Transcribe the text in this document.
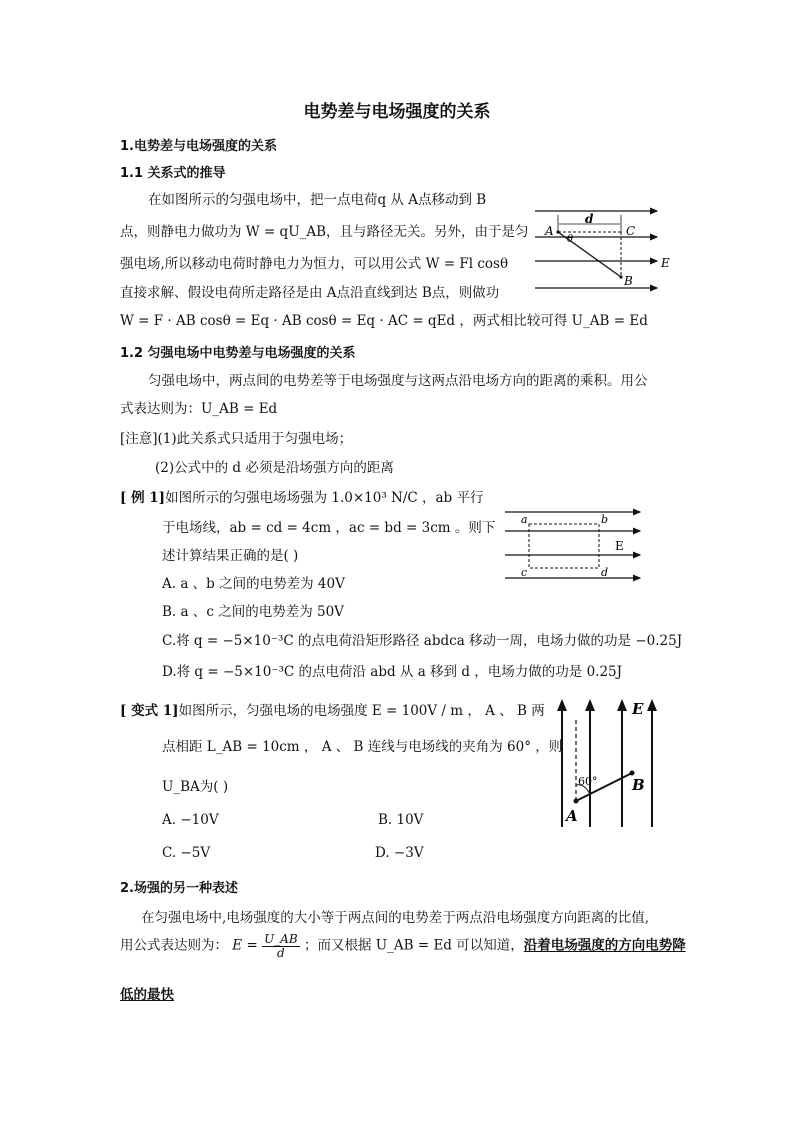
电势差与电场强度的关系
1.电势差与电场强度的关系
1.1 关系式的推导
在如图所示的匀强电场中，把一点电荷q 从 A点移动到 B
点，则静电力做功为 W = qU_AB，且与路径无关。另外，由于是匀
强电场,所以移动电荷时静电力为恒力，可以用公式 W = Fl cosθ
直接求解、假设电荷所走路径是由 A点沿直线到达 B点，则做功
W = F · AB cosθ = Eq · AB cosθ = Eq · AC = qEd ，两式相比较可得 U_AB = Ed
A	C
d
θ
B
E
1.2 匀强电场中电势差与电场强度的关系
匀强电场中，两点间的电势差等于电场强度与这两点沿电场方向的距离的乘积。用公
式表达则为：U_AB = Ed
[注意](1)此关系式只适用于匀强电场；
(2)公式中的 d 必须是沿场强方向的距离
[ 例 1]如图所示的匀强电场场强为 1.0×10³ N/C ，ab 平行
于电场线，ab = cd = 4cm ，ac = bd = 3cm 。则下
述计算结果正确的是( )
A. a 、b 之间的电势差为 40V
B. a 、c 之间的电势差为 50V
C.将 q = −5×10⁻³C 的点电荷沿矩形路径 abdca 移动一周，电场力做的功是 −0.25J
D.将 q = −5×10⁻³C 的点电荷沿 abd 从 a 移到 d ，电场力做的功是 0.25J
a	b
c	d
E
[ 变式 1]如图所示，匀强电场的电场强度 E = 100V / m ， A 、 B 两
点相距 L_AB = 10cm ， A 、 B 连线与电场线的夹角为 60° ，则
U_BA为( )
A. −10V	B. 10V
C. −5V	D. −3V
E
60° B
A
2.场强的另一种表述
在匀强电场中,电场强度的大小等于两点间的电势差于两点沿电场强度方向距离的比值,
用公式表达则为： $E = \frac{U\_AB}{d}$ ；而又根据 U_AB = Ed 可以知道，沿着电场强度的方向电势降
低的最快
